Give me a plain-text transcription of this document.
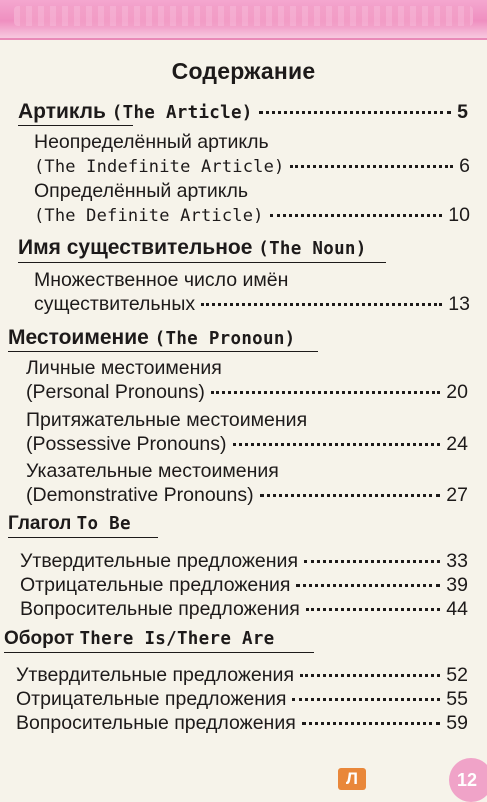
Содержание
Артикль (The Article)	5
Неопределённый артикль
(The Indefinite Article)	6
Определённый артикль
(The Definite Article)	10
Имя существительное (The Noun)
Множественное число имён
существительных	13
Местоимение (The Pronoun)
Личные местоимения
(Personal Pronouns)	20
Притяжательные местоимения
(Possessive Pronouns)	24
Указательные местоимения
(Demonstrative Pronouns)	27
Глагол To Be
Утвердительные предложения	33
Отрицательные предложения	39
Вопросительные предложения	44
Оборот There Is/There Are
Утвердительные предложения	52
Отрицательные предложения	55
Вопросительные предложения	59
Л	12
